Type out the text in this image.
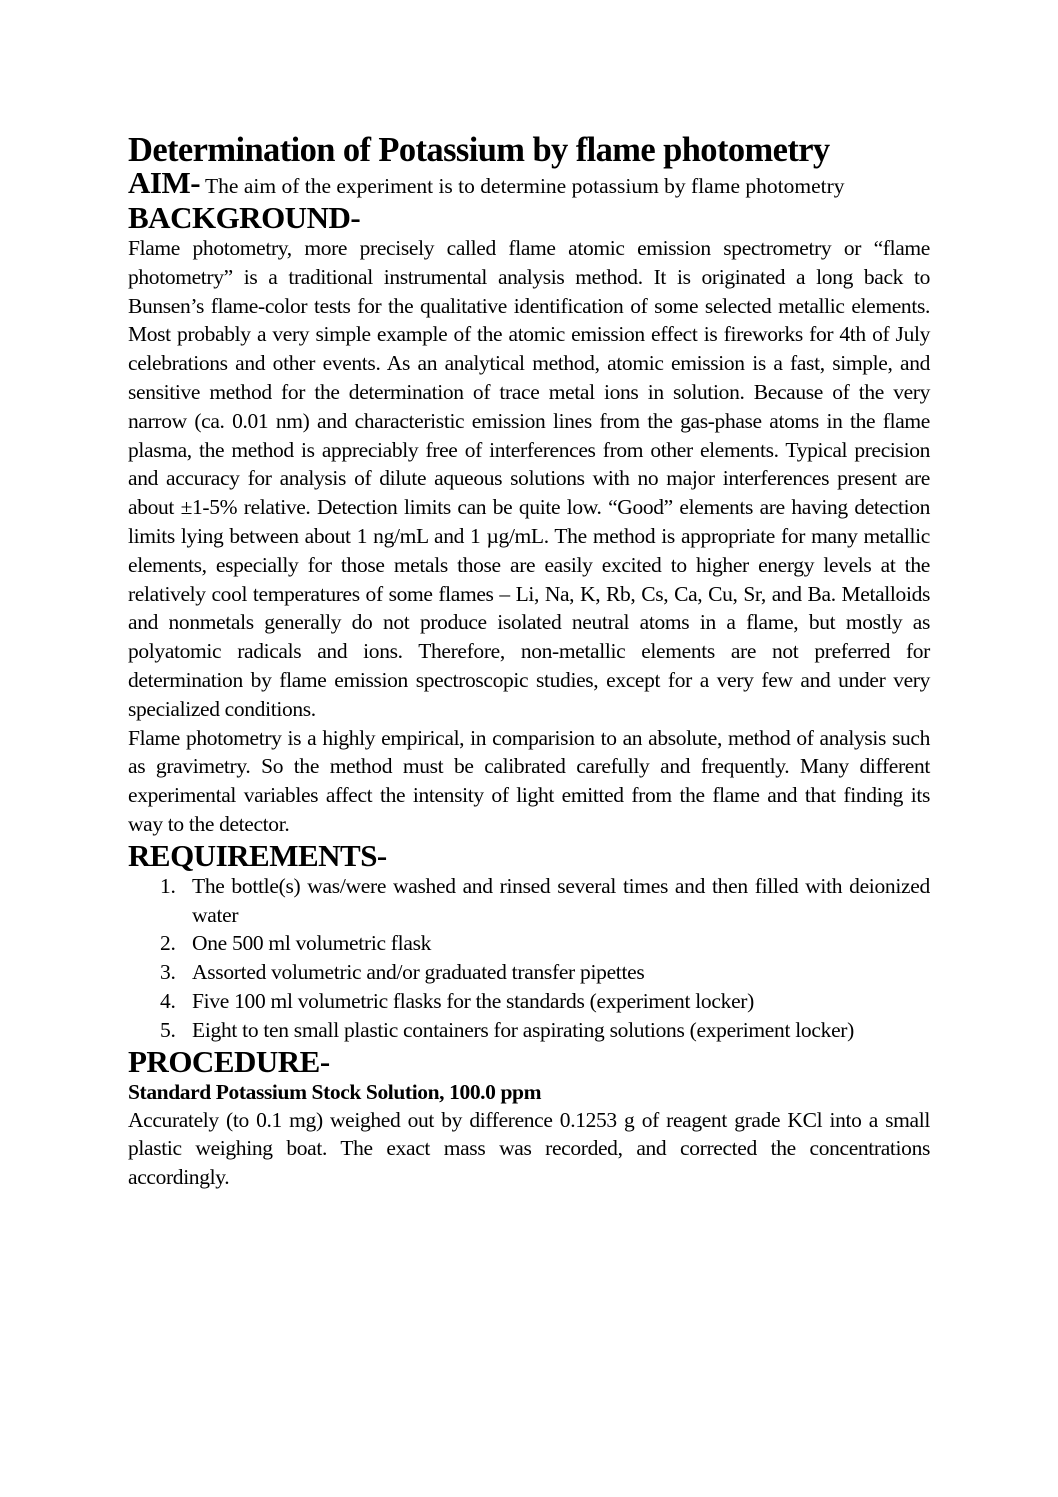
Determination of Potassium by flame photometry
AIM- The aim of the experiment is to determine potassium by flame photometry
BACKGROUND-

Flame photometry, more precisely called flame atomic emission spectrometry or “flame photometry” is a traditional instrumental analysis method. It is originated a long back to Bunsen’s flame-color tests for the qualitative identification of some selected metallic elements. Most probably a very simple example of the atomic emission effect is fireworks for 4th of July celebrations and other events. As an analytical method, atomic emission is a fast, simple, and sensitive method for the determination of trace metal ions in solution. Because of the very narrow (ca. 0.01 nm) and characteristic emission lines from the gas-phase atoms in the flame plasma, the method is appreciably free of interferences from other elements. Typical precision and accuracy for analysis of dilute aqueous solutions with no major interferences present are about ±1-5% relative. Detection limits can be quite low. “Good” elements are having detection limits lying between about 1 ng/mL and 1 µg/mL. The method is appropriate for many metallic elements, especially for those metals those are easily excited to higher energy levels at the relatively cool temperatures of some flames – Li, Na, K, Rb, Cs, Ca, Cu, Sr, and Ba. Metalloids and nonmetals generally do not produce isolated neutral atoms in a flame, but mostly as polyatomic radicals and ions. Therefore, non-metallic elements are not preferred for determination by flame emission spectroscopic studies, except for a very few and under very specialized conditions.

Flame photometry is a highly empirical, in comparision to an absolute, method of analysis such as gravimetry. So the method must be calibrated carefully and frequently. Many different experimental variables affect the intensity of light emitted from the flame and that finding its way to the detector.

REQUIREMENTS-
1. The bottle(s) was/were washed and rinsed several times and then filled with deionized water
2. One 500 ml volumetric flask
3. Assorted volumetric and/or graduated transfer pipettes
4. Five 100 ml volumetric flasks for the standards (experiment locker)
5. Eight to ten small plastic containers for aspirating solutions (experiment locker)
PROCEDURE-
Standard Potassium Stock Solution, 100.0 ppm

Accurately (to 0.1 mg) weighed out by difference 0.1253 g of reagent grade KCl into a small plastic weighing boat. The exact mass was recorded, and corrected the concentrations accordingly.
